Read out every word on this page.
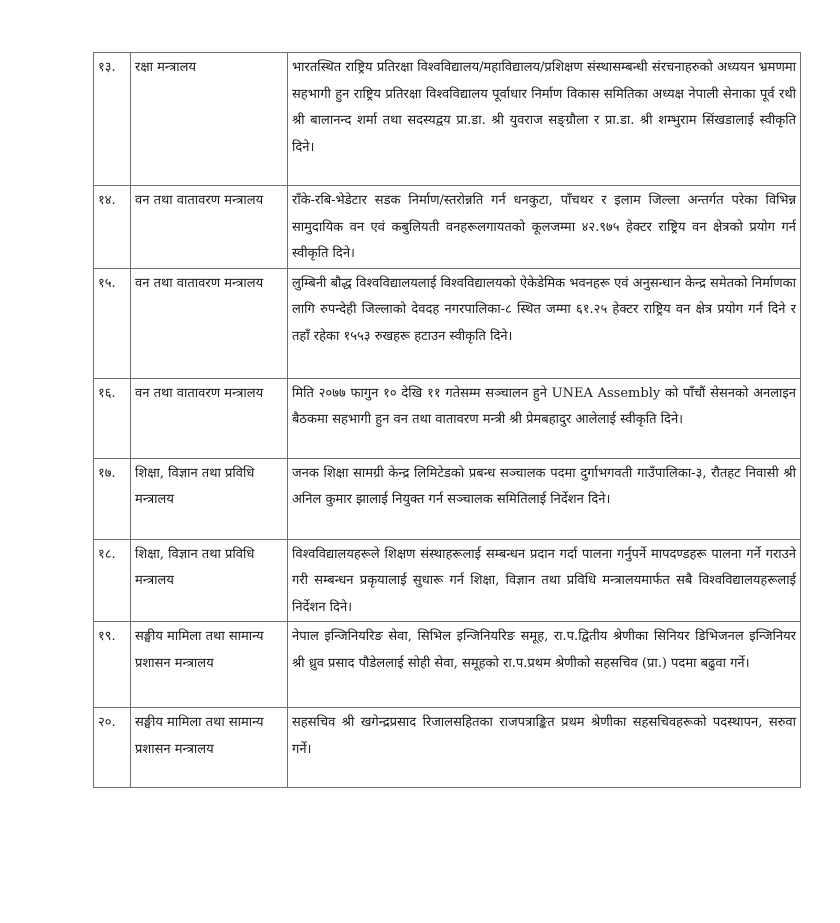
१३.	रक्षा मन्त्रालय	भारतस्थित राष्ट्रिय प्रतिरक्षा विश्वविद्यालय/महाविद्यालय/प्रशिक्षण संस्थासम्बन्धी संरचनाहरुको अध्ययन भ्रमणमा सहभागी हुन राष्ट्रिय प्रतिरक्षा विश्वविद्यालय पूर्वाधार निर्माण विकास समितिका अध्यक्ष नेपाली सेनाका पूर्व रथी श्री बालानन्द शर्मा तथा सदस्यद्वय प्रा.डा. श्री युवराज सङ्ग्रौला र प्रा.डा. श्री शम्भुराम सिंखडालाई स्वीकृति दिने।
१४.	वन तथा वातावरण मन्त्रालय	राँके-रबि-भेडेटार सडक निर्माण/स्तरोन्नति गर्न धनकुटा, पाँचथर र इलाम जिल्ला अन्तर्गत परेका विभिन्न सामुदायिक वन एवं कबुलियती वनहरूलगायतको कूलजम्मा ४२.९७५ हेक्टर राष्ट्रिय वन क्षेत्रको प्रयोग गर्न स्वीकृति दिने।
१५.	वन तथा वातावरण मन्त्रालय	लुम्बिनी बौद्ध विश्वविद्यालयलाई विश्वविद्यालयको ऐकेडेमिक भवनहरू एवं अनुसन्धान केन्द्र समेतको निर्माणका लागि रुपन्देही जिल्लाको देवदह नगरपालिका-८ स्थित जम्मा ६१.२५ हेक्टर राष्ट्रिय वन क्षेत्र प्रयोग गर्न दिने र तहाँ रहेका १५५३ रुखहरू हटाउन स्वीकृति दिने।
१६.	वन तथा वातावरण मन्त्रालय	मिति २०७७ फागुन १० देखि ११ गतेसम्म सञ्चालन हुने UNEA Assembly को पाँचौं सेसनको अनलाइन बैठकमा सहभागी हुन वन तथा वातावरण मन्त्री श्री प्रेमबहादुर आलेलाई स्वीकृति दिने।
१७.	शिक्षा, विज्ञान तथा प्रविधि मन्त्रालय	जनक शिक्षा सामग्री केन्द्र लिमिटेडको प्रबन्ध सञ्चालक पदमा दुर्गाभगवती गाउँपालिका-३, रौतहट निवासी श्री अनिल कुमार झालाई नियुक्त गर्न सञ्चालक समितिलाई निर्देशन दिने।
१८.	शिक्षा, विज्ञान तथा प्रविधि मन्त्रालय	विश्वविद्यालयहरूले शिक्षण संस्थाहरूलाई सम्बन्धन प्रदान गर्दा पालना गर्नुपर्ने मापदण्डहरू पालना गर्ने गराउने गरी सम्बन्धन प्रकृयालाई सुधारू गर्न शिक्षा, विज्ञान तथा प्रविधि मन्त्रालयमार्फत सबै विश्वविद्यालयहरूलाई निर्देशन दिने।
१९.	सङ्घीय मामिला तथा सामान्य प्रशासन मन्त्रालय	नेपाल इन्जिनियरिङ सेवा, सिभिल इन्जिनियरिङ समूह, रा.प.द्वितीय श्रेणीका सिनियर डिभिजनल इन्जिनियर श्री ध्रुव प्रसाद पौडेललाई सोही सेवा, समूहको रा.प.प्रथम श्रेणीको सहसचिव (प्रा.) पदमा बढुवा गर्ने।
२०.	सङ्घीय मामिला तथा सामान्य प्रशासन मन्त्रालय	सहसचिव श्री खगेन्द्रप्रसाद रिजालसहितका राजपत्राङ्कित प्रथम श्रेणीका सहसचिवहरूको पदस्थापन, सरुवा गर्ने।
